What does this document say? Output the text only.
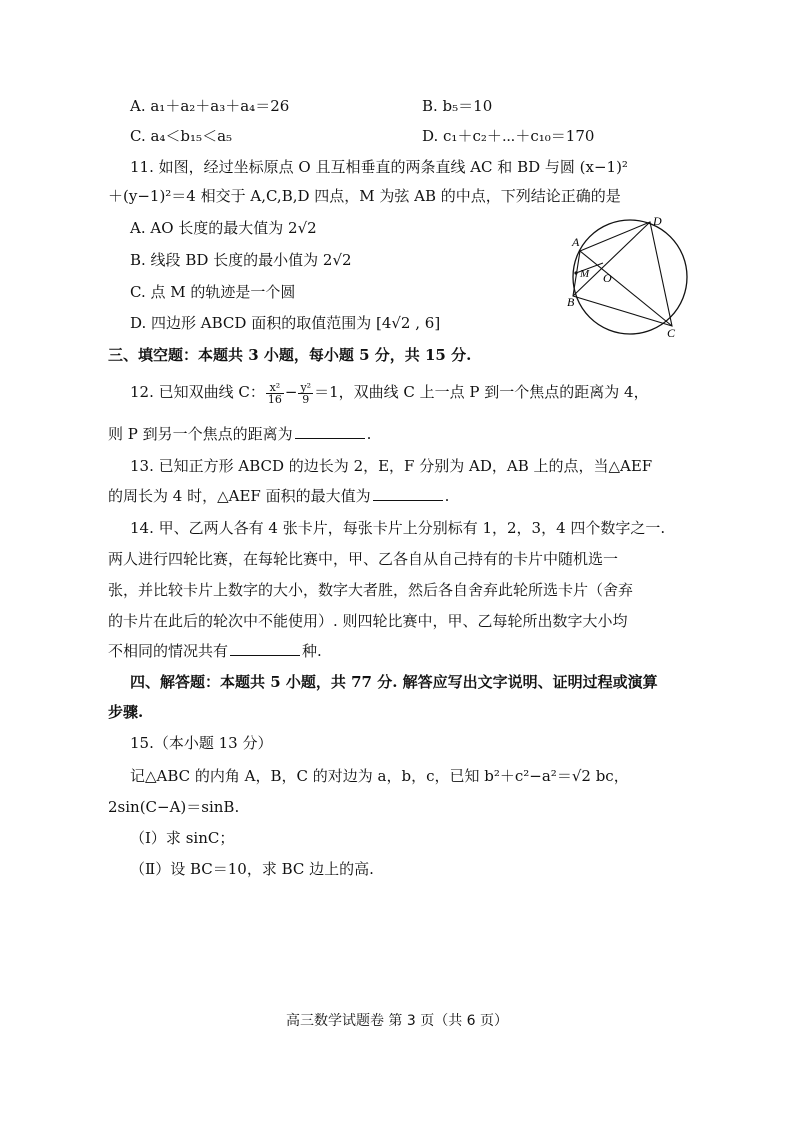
A. a₁＋a₂＋a₃＋a₄＝26	B. b₅＝10
C. a₄＜b₁₅＜a₅	D. c₁＋c₂＋⋯＋c₁₀＝170
11. 如图，经过坐标原点 O 且互相垂直的两条直线 AC 和 BD 与圆 (x−1)²
＋(y−1)²＝4 相交于 A,C,B,D 四点，M 为弦 AB 的中点，下列结论正确的是
A. AO 长度的最大值为 2√2
B. 线段 BD 长度的最小值为 2√2
C. 点 M 的轨迹是一个圆
D. 四边形 ABCD 面积的取值范围为 [4√2 , 6]
A
D
B
C
M O
三、填空题：本题共 3 小题，每小题 5 分，共 15 分.
12. 已知双曲线 C： $\frac{\text{x²}}{16} - \frac{\text{y²}}{9} =1$，双曲线 C 上一点 P 到一个焦点的距离为 4，
则 P 到另一个焦点的距离为	.
13. 已知正方形 ABCD 的边长为 2，E，F 分别为 AD，AB 上的点，当△AEF
的周长为 4 时，△AEF 面积的最大值为	.
14. 甲、乙两人各有 4 张卡片，每张卡片上分别标有 1，2，3，4 四个数字之一.
两人进行四轮比赛，在每轮比赛中，甲、乙各自从自己持有的卡片中随机选一
张，并比较卡片上数字的大小，数字大者胜，然后各自舍弃此轮所选卡片（舍弃
的卡片在此后的轮次中不能使用）. 则四轮比赛中，甲、乙每轮所出数字大小均
不相同的情况共有	种.
四、解答题：本题共 5 小题，共 77 分. 解答应写出文字说明、证明过程或演算
步骤.
15.（本小题 13 分）
记△ABC 的内角 A，B，C 的对边为 a，b，c，已知 b²＋c²−a²＝√2 bc，
2sin(C−A)＝sinB.
（Ⅰ）求 sinC；
（Ⅱ）设 BC＝10，求 BC 边上的高.
高三数学试题卷 第 3 页（共 6 页）
